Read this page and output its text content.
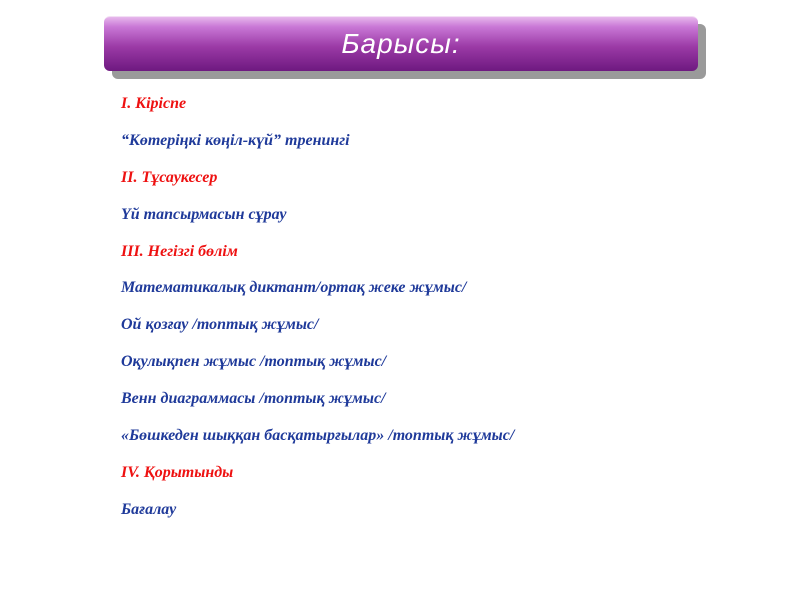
Барысы:
І. Кіріспе
“Көтеріңкі көңіл-күй” тренингі
ІІ. Тұсаукесер
Үй тапсырмасын сұрау
ІІІ. Негізгі бөлім
Математикалық диктант/ортақ жеке жұмыс/
Ой қозғау /топтық жұмыс/
Оқулықпен жұмыс /топтық жұмыс/
Венн диаграммасы /топтық жұмыс/
«Бөшкеден шыққан басқатырғылар» /топтық жұмыс/
ІV. Қорытынды
Бағалау
